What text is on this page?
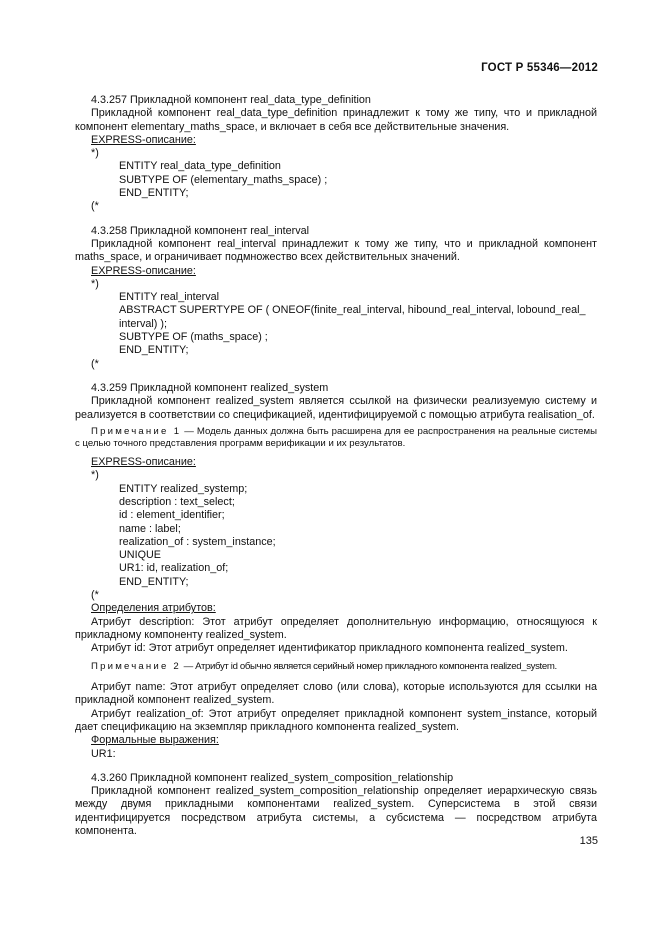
ГОСТ Р 55346—2012
4.3.257 Прикладной компонент real_data_type_definition
Прикладной компонент real_data_type_definition принадлежит к тому же типу, что и прикладной компонент elementary_maths_space, и включает в себя все действительные значения.
EXPRESS-описание:
*)
ENTITY real_data_type_definition
SUBTYPE OF (elementary_maths_space) ;
END_ENTITY;
(*
4.3.258 Прикладной компонент real_interval
Прикладной компонент real_interval принадлежит к тому же типу, что и прикладной компонент maths_space, и ограничивает подмножество всех действительных значений.
EXPRESS-описание:
*)
ENTITY real_interval
ABSTRACT SUPERTYPE OF ( ONEOF(finite_real_interval, hibound_real_interval, lobound_real_
interval) );
SUBTYPE OF (maths_space) ;
END_ENTITY;
(*
4.3.259 Прикладной компонент realized_system
Прикладной компонент realized_system является ссылкой на физически реализуемую систему и реализуется в соответствии со спецификацией, идентифицируемой с помощью атрибута realisation_of.
Примечание 1 — Модель данных должна быть расширена для ее распространения на реальные системы с целью точного представления программ верификации и их результатов.
EXPRESS-описание:
*)
ENTITY realized_systemp;
description : text_select;
id : element_identifier;
name : label;
realization_of : system_instance;
UNIQUE
UR1: id, realization_of;
END_ENTITY;
(*
Определения атрибутов:
Атрибут description: Этот атрибут определяет дополнительную информацию, относящуюся к прикладному компоненту realized_system.
Атрибут id: Этот атрибут определяет идентификатор прикладного компонента realized_system.
Примечание 2 — Атрибут id обычно является серийный номер прикладного компонента realized_system.
Атрибут name: Этот атрибут определяет слово (или слова), которые используются для ссылки на прикладной компонент realized_system.
Атрибут realization_of: Этот атрибут определяет прикладной компонент system_instance, который дает спецификацию на экземпляр прикладного компонента realized_system.
Формальные выражения:
UR1:
4.3.260 Прикладной компонент realized_system_composition_relationship
Прикладной компонент realized_system_composition_relationship определяет иерархическую связь между двумя прикладными компонентами realized_system. Суперсистема в этой связи идентифицируется посредством атрибута системы, а субсистема — посредством атрибута компонента.
135
